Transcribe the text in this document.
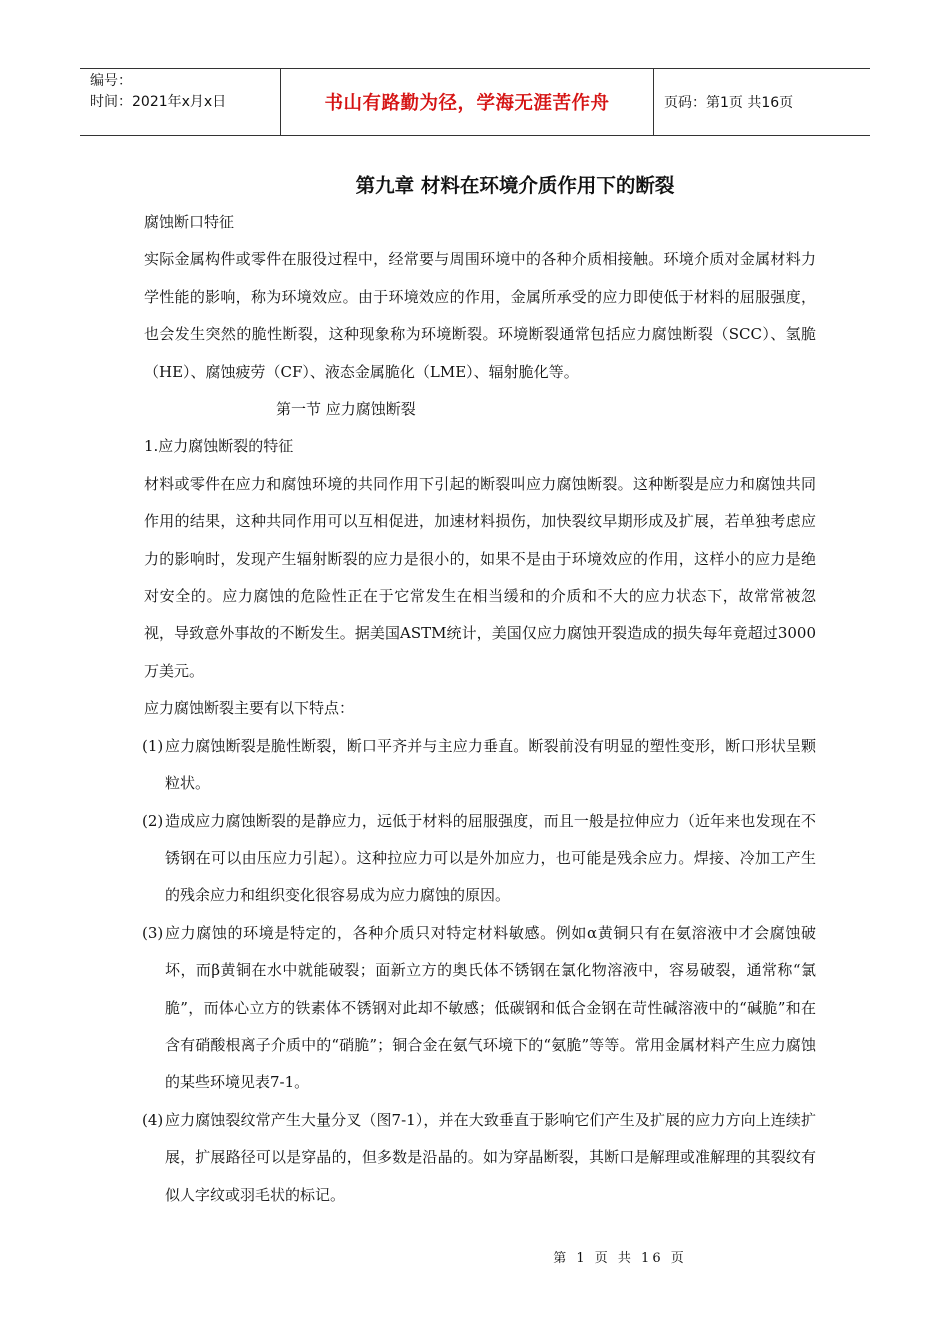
编号：
时间：2021年x月x日	书山有路勤为径，学海无涯苦作舟	页码：第1页 共16页
第九章 材料在环境介质作用下的断裂

腐蚀断口特征

实际金属构件或零件在服役过程中，经常要与周围环境中的各种介质相接触。环境介质对金属材料力学性能的影响，称为环境效应。由于环境效应的作用，金属所承受的应力即使低于材料的屈服强度，也会发生突然的脆性断裂，这种现象称为环境断裂。环境断裂通常包括应力腐蚀断裂（SCC）、氢脆（HE）、腐蚀疲劳（CF）、液态金属脆化（LME）、辐射脆化等。

第一节 应力腐蚀断裂

1.应力腐蚀断裂的特征

材料或零件在应力和腐蚀环境的共同作用下引起的断裂叫应力腐蚀断裂。这种断裂是应力和腐蚀共同作用的结果，这种共同作用可以互相促进，加速材料损伤，加快裂纹早期形成及扩展，若单独考虑应力的影响时，发现产生辐射断裂的应力是很小的，如果不是由于环境效应的作用，这样小的应力是绝对安全的。应力腐蚀的危险性正在于它常发生在相当缓和的介质和不大的应力状态下，故常常被忽视，导致意外事故的不断发生。据美国ASTM统计，美国仅应力腐蚀开裂造成的损失每年竟超过3000万美元。

应力腐蚀断裂主要有以下特点：

(1) 应力腐蚀断裂是脆性断裂，断口平齐并与主应力垂直。断裂前没有明显的塑性变形，断口形状呈颗粒状。
(2) 造成应力腐蚀断裂的是静应力，远低于材料的屈服强度，而且一般是拉伸应力（近年来也发现在不锈钢在可以由压应力引起）。这种拉应力可以是外加应力，也可能是残余应力。焊接、冷加工产生的残余应力和组织变化很容易成为应力腐蚀的原因。
(3) 应力腐蚀的环境是特定的，各种介质只对特定材料敏感。例如α黄铜只有在氨溶液中才会腐蚀破坏，而β黄铜在水中就能破裂；面新立方的奥氏体不锈钢在氯化物溶液中，容易破裂，通常称“氯脆”，而体心立方的铁素体不锈钢对此却不敏感；低碳钢和低合金钢在苛性碱溶液中的“碱脆”和在含有硝酸根离子介质中的“硝脆”；铜合金在氨气环境下的“氨脆”等等。常用金属材料产生应力腐蚀的某些环境见表7-1。
(4) 应力腐蚀裂纹常产生大量分叉（图7-1），并在大致垂直于影响它们产生及扩展的应力方向上连续扩展，扩展路径可以是穿晶的，但多数是沿晶的。如为穿晶断裂，其断口是解理或准解理的其裂纹有似人字纹或羽毛状的标记。
第 1 页 共 16 页
